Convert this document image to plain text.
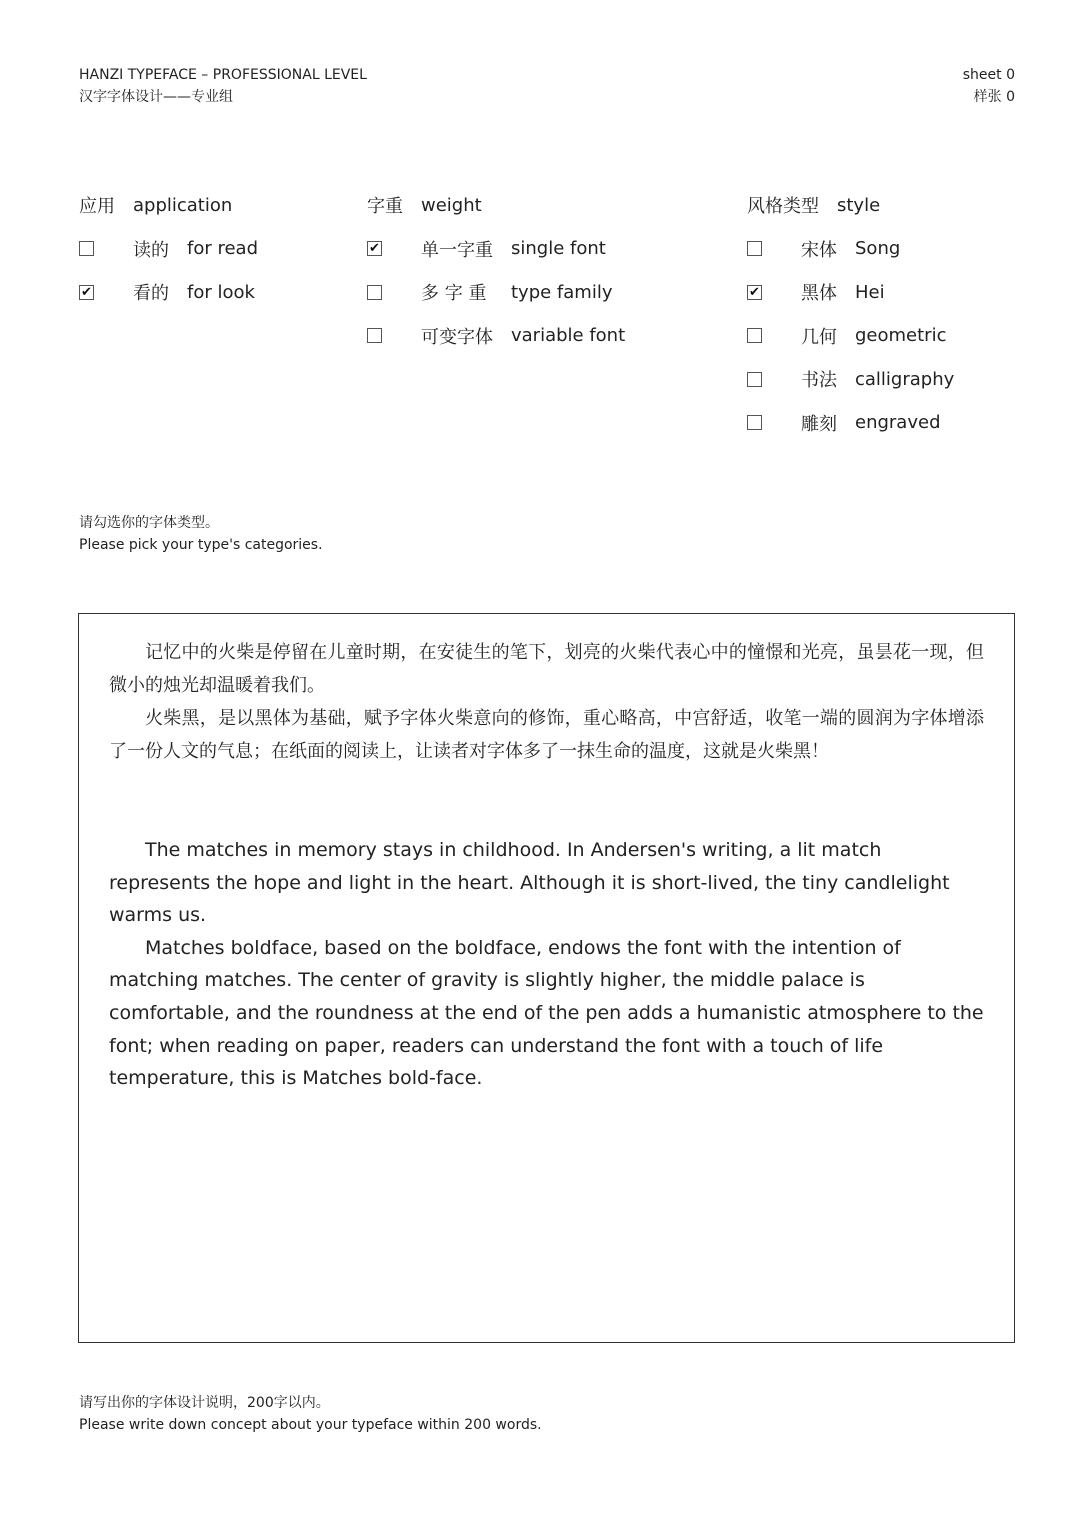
HANZI TYPEFACE – PROFESSIONAL LEVEL
汉字字体设计——专业组
sheet 0
样张 0
应用 application
读的	for read
✔ 看的	for look
字重 weight
✔ 单一字重	single font
多 字 重	type family
可变字体	variable font
风格类型 style
宋体	Song
✔ 黑体	Hei
几何	geometric
书法	calligraphy
雕刻	engraved
请勾选你的字体类型。
Please pick your type's categories.

记忆中的火柴是停留在儿童时期，在安徒生的笔下，划亮的火柴代表心中的憧憬和光亮，虽昙花一现，但微小的烛光却温暖着我们。

火柴黑，是以黑体为基础，赋予字体火柴意向的修饰，重心略高，中宫舒适，收笔一端的圆润为字体增添了一份人文的气息；在纸面的阅读上，让读者对字体多了一抹生命的温度，这就是火柴黑！

The matches in memory stays in childhood. In Andersen's writing, a lit match represents the hope and light in the heart. Although it is short-lived, the tiny candlelight warms us.

Matches boldface, based on the boldface, endows the font with the intention of matching matches. The center of gravity is slightly higher, the middle palace is comfortable, and the roundness at the end of the pen adds a humanistic atmosphere to the font; when reading on paper, readers can understand the font with a touch of life temperature, this is Matches bold-face.

请写出你的字体设计说明，200字以内。
Please write down concept about your typeface within 200 words.
